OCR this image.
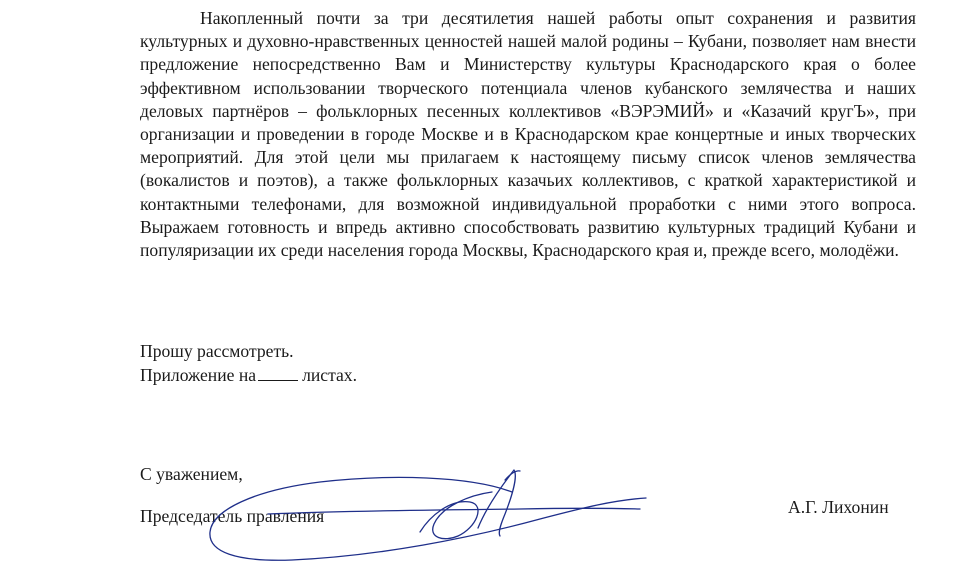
Накопленный почти за три десятилетия нашей работы опыт сохранения и развития культурных и духовно-нравственных ценностей нашей малой родины – Кубани, позволяет нам внести предложение непосредственно Вам и Министерству культуры Краснодарского края о более эффективном использовании творческого потенциала членов кубанского землячества и наших деловых партнёров – фольклорных песенных коллективов «ВЭРЭМИЙ» и «Казачий кругЪ», при организации и проведении в городе Москве и в Краснодарском крае концертные и иных творческих мероприятий. Для этой цели мы прилагаем к настоящему письму список членов землячества (вокалистов и поэтов), а также фольклорных казачьих коллективов, с краткой характеристикой и контактными телефонами, для возможной индивидуальной проработки с ними этого вопроса. Выражаем готовность и впредь активно способствовать развитию культурных традиций Кубани и популяризации их среди населения города Москвы, Краснодарского края и, прежде всего, молодёжи.

Прошу рассмотреть.
Приложение на	листах.
С уважением,
Председатель правления	А.Г. Лихонин
